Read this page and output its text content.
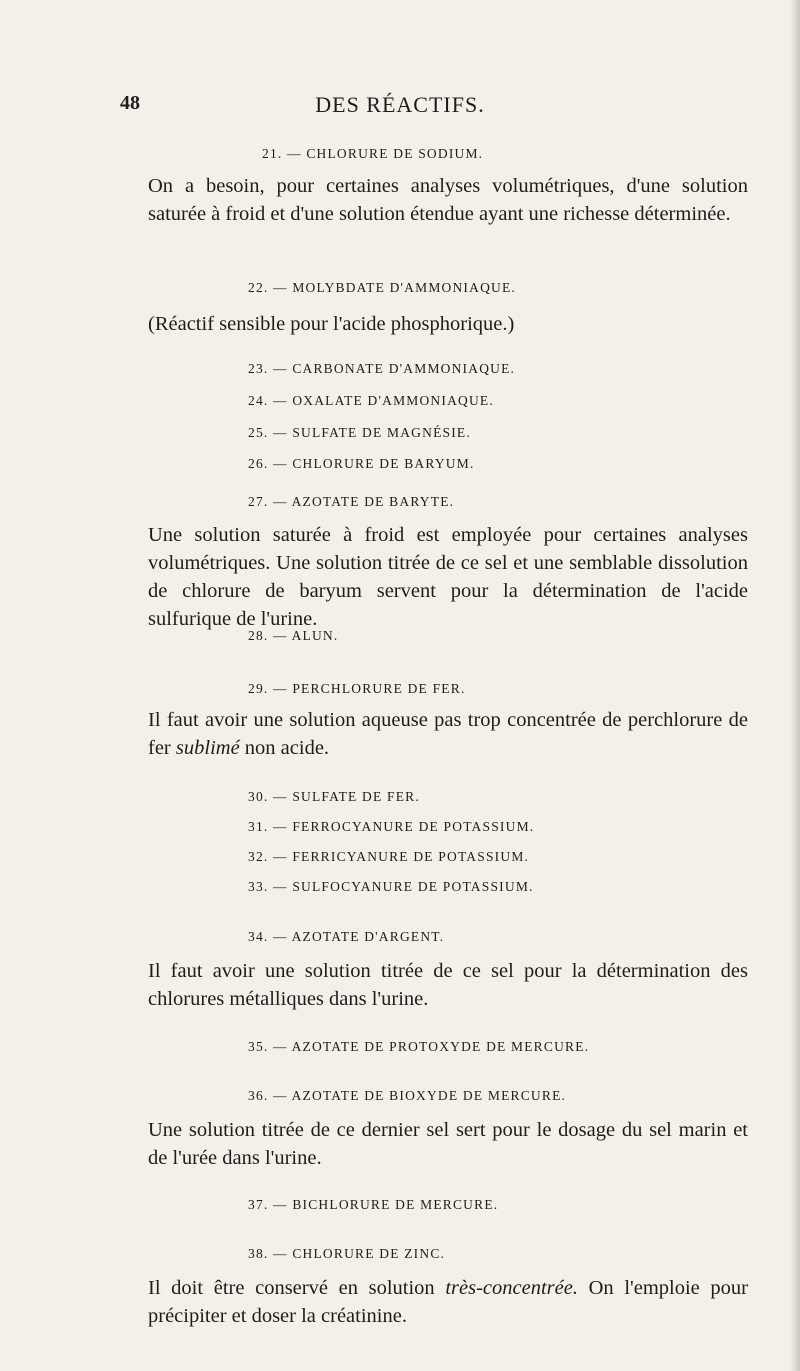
48	DES RÉACTIFS.
21. — CHLORURE DE SODIUM.
On a besoin, pour certaines analyses volumétriques, d'une solution saturée à froid et d'une solution étendue ayant une richesse déterminée.
22. — MOLYBDATE D'AMMONIAQUE.
(Réactif sensible pour l'acide phosphorique.)
23. — CARBONATE D'AMMONIAQUE.
24. — OXALATE D'AMMONIAQUE.
25. — SULFATE DE MAGNÉSIE.
26. — CHLORURE DE BARYUM.
27. — AZOTATE DE BARYTE.
Une solution saturée à froid est employée pour certaines analyses volumétriques. Une solution titrée de ce sel et une semblable dissolution de chlorure de baryum servent pour la détermination de l'acide sulfurique de l'urine.
28. — ALUN.
29. — PERCHLORURE DE FER.
Il faut avoir une solution aqueuse pas trop concentrée de perchlorure de fer sublimé non acide.
30. — SULFATE DE FER.
31. — FERROCYANURE DE POTASSIUM.
32. — FERRICYANURE DE POTASSIUM.
33. — SULFOCYANURE DE POTASSIUM.
34. — AZOTATE D'ARGENT.
Il faut avoir une solution titrée de ce sel pour la détermination des chlorures métalliques dans l'urine.
35. — AZOTATE DE PROTOXYDE DE MERCURE.
36. — AZOTATE DE BIOXYDE DE MERCURE.
Une solution titrée de ce dernier sel sert pour le dosage du sel marin et de l'urée dans l'urine.
37. — BICHLORURE DE MERCURE.
38. — CHLORURE DE ZINC.
Il doit être conservé en solution très-concentrée. On l'emploie pour précipiter et doser la créatinine.
